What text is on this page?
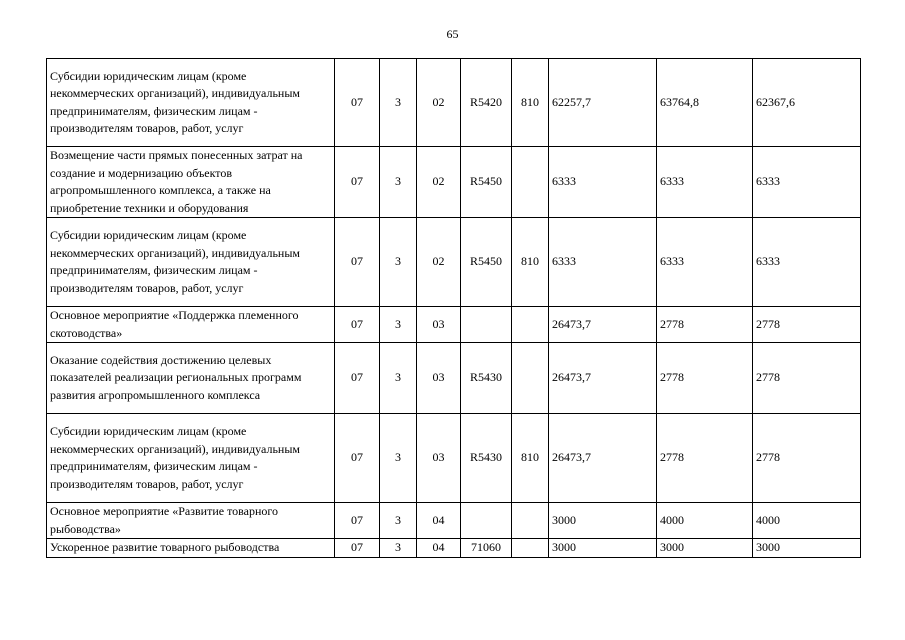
65
Субсидии юридическим лицам (кроме некоммерческих организаций), индивидуальным предпринимателям, физическим лицам - производителям товаров, работ, услуг	07	3	02	R5420	810	62257,7	63764,8	62367,6
Возмещение части прямых понесенных затрат на создание и модернизацию объектов агропромышленного комплекса, а также на приобретение техники и оборудования	07	3	02	R5450		6333	6333	6333
Субсидии юридическим лицам (кроме некоммерческих организаций), индивидуальным предпринимателям, физическим лицам - производителям товаров, работ, услуг	07	3	02	R5450	810	6333	6333	6333
Основное мероприятие «Поддержка племенного скотоводства»	07	3	03			26473,7	2778	2778
Оказание содействия достижению целевых показателей реализации региональных программ развития агропромышленного комплекса	07	3	03	R5430		26473,7	2778	2778
Субсидии юридическим лицам (кроме некоммерческих организаций), индивидуальным предпринимателям, физическим лицам - производителям товаров, работ, услуг	07	3	03	R5430	810	26473,7	2778	2778
Основное мероприятие «Развитие товарного рыбоводства»	07	3	04			3000	4000	4000
Ускоренное развитие товарного рыбоводства	07	3	04	71060		3000	3000	3000
